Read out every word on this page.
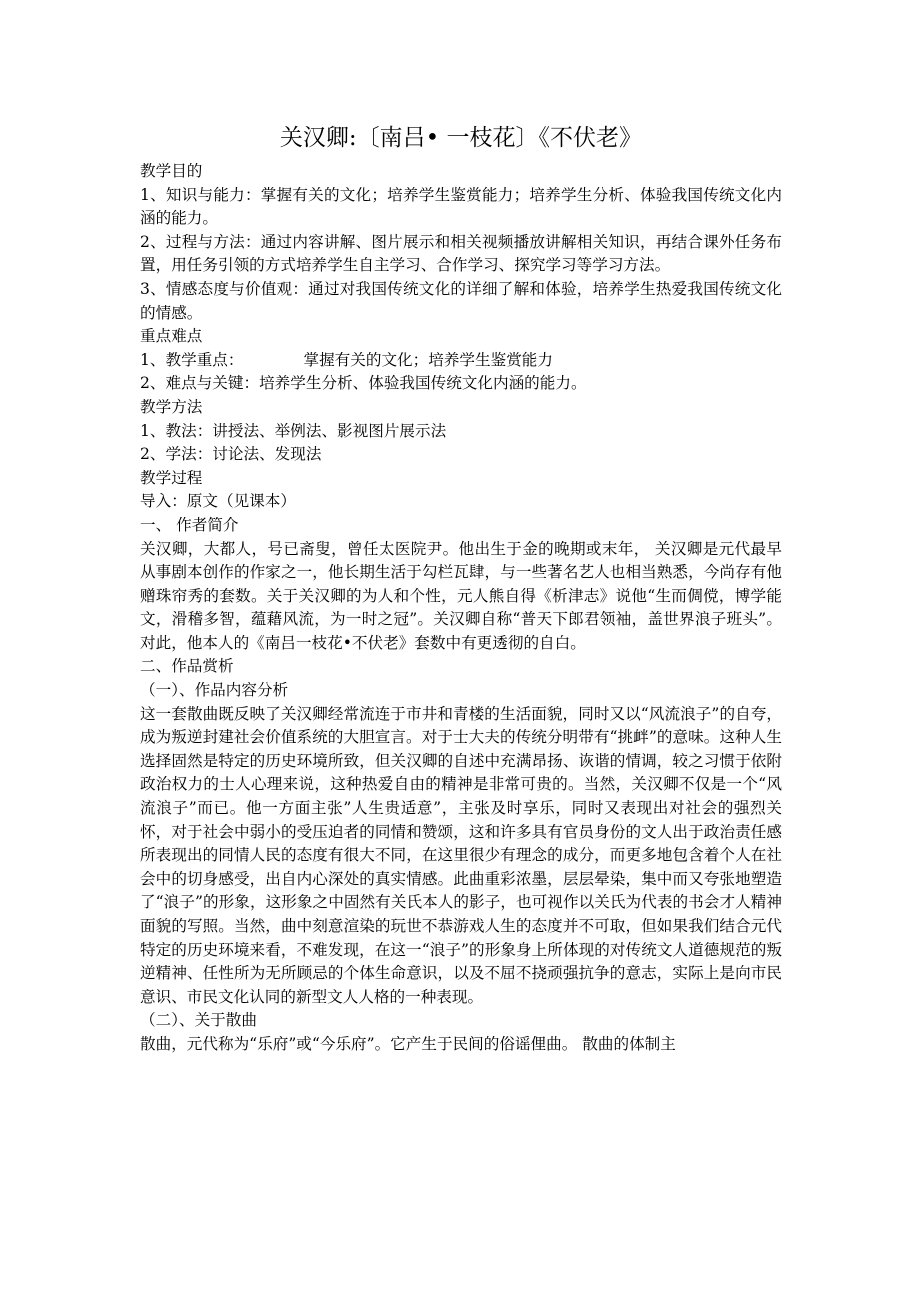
关汉卿:〔南吕• 一枝花〕《不伏老》
教学目的

1、知识与能力：掌握有关的文化；培养学生鉴赏能力；培养学生分析、体验我国传统文化内涵的能力。

2、过程与方法：通过内容讲解、图片展示和相关视频播放讲解相关知识，再结合课外任务布置，用任务引领的方式培养学生自主学习、合作学习、探究学习等学习方法。

3、情感态度与价值观：通过对我国传统文化的详细了解和体验，培养学生热爱我国传统文化的情感。

重点难点
1、教学重点：	掌握有关的文化；培养学生鉴赏能力
2、难点与关键：培养学生分析、体验我国传统文化内涵的能力。
教学方法
1、教法：讲授法、举例法、影视图片展示法
2、学法：讨论法、发现法
教学过程
导入：原文（见课本）
一、 作者简介

关汉卿，大都人，号已斋叟，曾任太医院尹。他出生于金的晚期或末年， 关汉卿是元代最早从事剧本创作的作家之一，他长期生活于勾栏瓦肆，与一些著名艺人也相当熟悉，今尚存有他赠珠帘秀的套数。关于关汉卿的为人和个性，元人熊自得《析津志》说他“生而倜傥，博学能文，滑稽多智，蕴藉风流，为一时之冠”。关汉卿自称“普天下郎君领袖，盖世界浪子班头”。对此，他本人的《南吕一枝花•不伏老》套数中有更透彻的自白。

二、作品赏析
（一）、作品内容分析

这一套散曲既反映了关汉卿经常流连于市井和青楼的生活面貌，同时又以“风流浪子”的自夸，成为叛逆封建社会价值系统的大胆宣言。对于士大夫的传统分明带有“挑衅”的意味。这种人生选择固然是特定的历史环境所致，但关汉卿的自述中充满昂扬、诙谐的情调，较之习惯于依附政治权力的士人心理来说，这种热爱自由的精神是非常可贵的。当然，关汉卿不仅是一个“风流浪子”而已。他一方面主张”人生贵适意”，主张及时享乐，同时又表现出对社会的强烈关怀，对于社会中弱小的受压迫者的同情和赞颂，这和许多具有官员身份的文人出于政治责任感所表现出的同情人民的态度有很大不同，在这里很少有理念的成分，而更多地包含着个人在社会中的切身感受，出自内心深处的真实情感。此曲重彩浓墨，层层晕染，集中而又夸张地塑造了“浪子”的形象，这形象之中固然有关氏本人的影子，也可视作以关氏为代表的书会才人精神面貌的写照。当然，曲中刻意渲染的玩世不恭游戏人生的态度并不可取，但如果我们结合元代特定的历史环境来看，不难发现，在这一“浪子”的形象身上所体现的对传统文人道德规范的叛逆精神、任性所为无所顾忌的个体生命意识，以及不屈不挠顽强抗争的意志，实际上是向市民意识、市民文化认同的新型文人人格的一种表现。

（二）、关于散曲
散曲，元代称为“乐府”或“今乐府”。它产生于民间的俗谣俚曲。 散曲的体制主
